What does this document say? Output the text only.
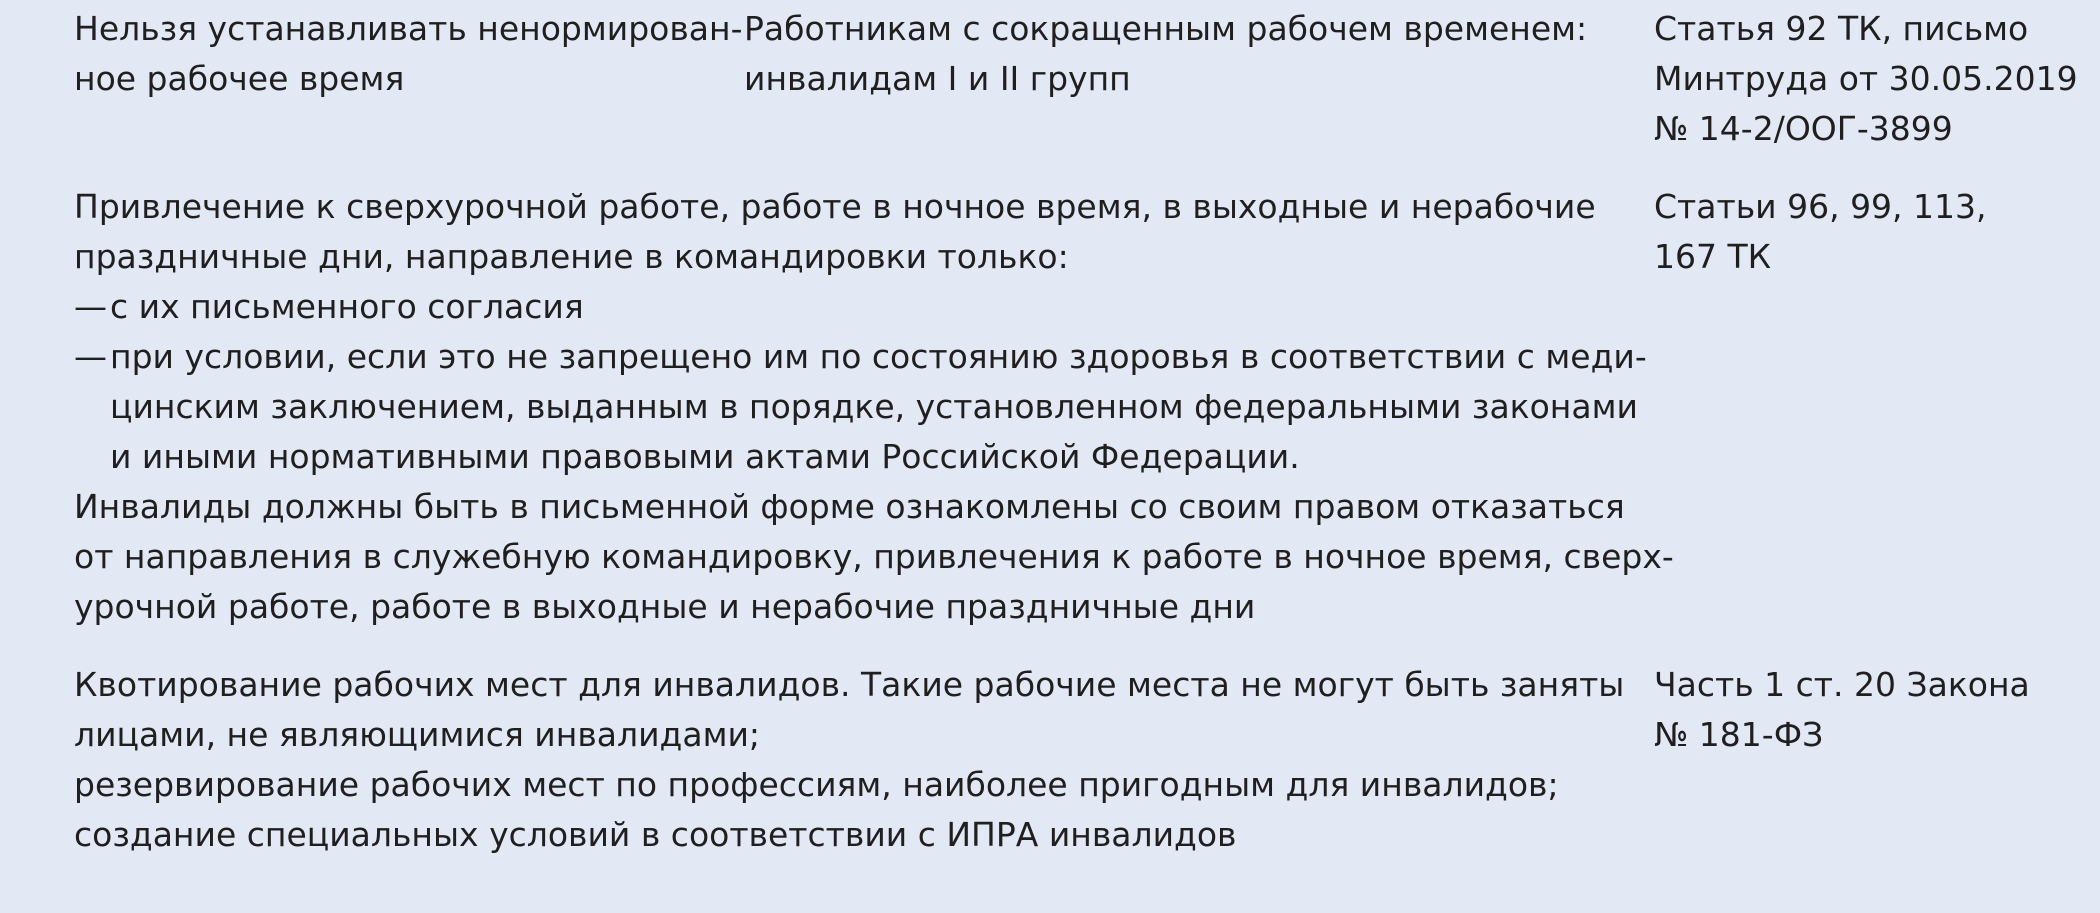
Нельзя устанавливать ненормирован-
ное рабочее время
Работникам с сокращенным рабочем временем:
инвалидам I и II групп
Статья 92 ТК, письмо
Минтруда от 30.05.2019
№ 14-2/ООГ-3899
Привлечение к сверхурочной работе, работе в ночное время, в выходные и нерабочие
праздничные дни, направление в командировки только:
— с их письменного согласия
— при условии, если это не запрещено им по состоянию здоровья в соответствии с меди-
цинским заключением, выданным в порядке, установленном федеральными законами
и иными нормативными правовыми актами Российской Федерации.
Инвалиды должны быть в письменной форме ознакомлены со своим правом отказаться
от направления в служебную командировку, привлечения к работе в ночное время, сверх-
урочной работе, работе в выходные и нерабочие праздничные дни
Статьи 96, 99, 113,
167 ТК
Квотирование рабочих мест для инвалидов. Такие рабочие места не могут быть заняты
лицами, не являющимися инвалидами;
резервирование рабочих мест по профессиям, наиболее пригодным для инвалидов;
создание специальных условий в соответствии с ИПРА инвалидов
Часть 1 ст. 20 Закона
№ 181-ФЗ
